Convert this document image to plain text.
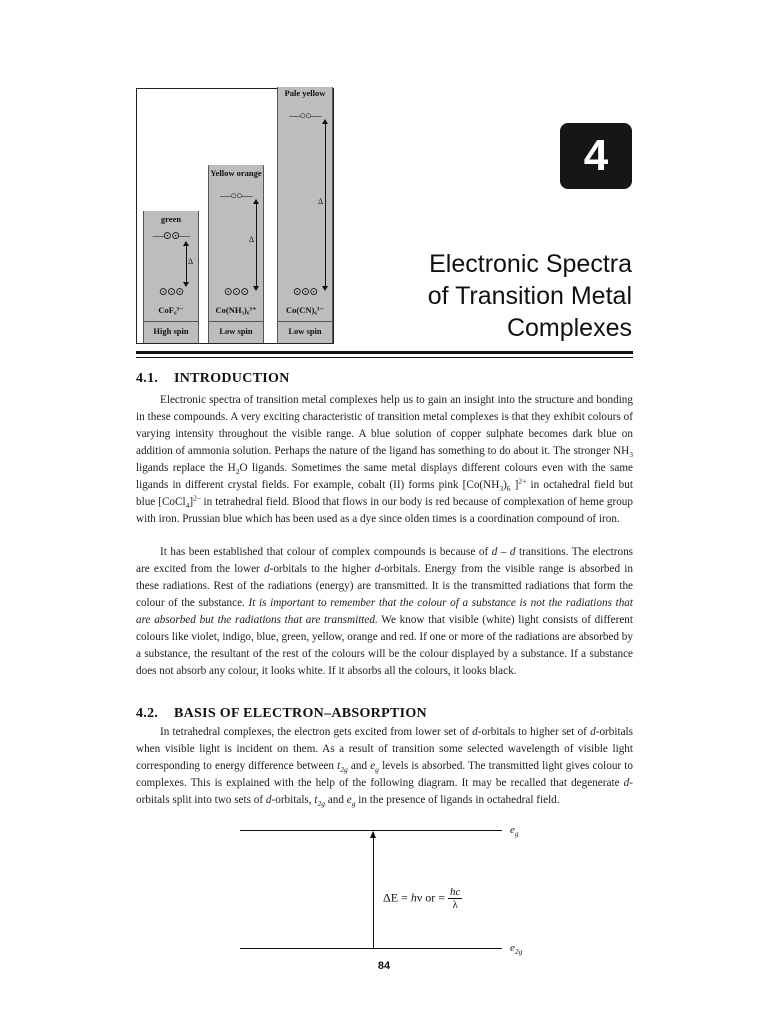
green
—⊙⊙—
Δ
⊙⊙⊙
CoF₆³⁻
High spin
Yellow orange
—○○—
Δ
⊙⊙⊙
Co(NH₃)₆³⁺
Low spin
Pale yellow
—○○—
Δ
⊙⊙⊙
Co(CN)₆³⁻
Low spin
4
Electronic Spectra
of Transition Metal
Complexes
4.1. INTRODUCTION

Electronic spectra of transition metal complexes help us to gain an insight into the structure and bonding in these compounds. A very exciting characteristic of transition metal complexes is that they exhibit colours of varying intensity throughout the visible range. A blue solution of copper sulphate becomes dark blue on addition of ammonia solution. Perhaps the nature of the ligand has something to do about it. The stronger $NH_3$ ligands replace the $H_2O$ ligands. Sometimes the same metal displays different colours even with the same ligands in different crystal fields. For example, cobalt (II) forms pink [$Co(NH_3)_6$ ]$^{2+}$ in octahedral field but blue [CoCl$_4$]$^{2-}$ in tetrahedral field. Blood that flows in our body is red because of complexation of heme group with iron. Prussian blue which has been used as a dye since olden times is a coordination compound of iron.

It has been established that colour of complex compounds is because of d – d transitions. The electrons are excited from the lower d-orbitals to the higher d-orbitals. Energy from the visible range is absorbed in these radiations. Rest of the radiations (energy) are transmitted. It is the transmitted radiations that form the colour of the substance. It is important to remember that the colour of a substance is not the radiations that are absorbed but the radiations that are transmitted. We know that visible (white) light consists of different colours like violet, indigo, blue, green, yellow, orange and red. If one or more of the radiations are absorbed by a substance, the resultant of the rest of the colours will be the colour displayed by a substance. If a substance does not absorb any colour, it looks white. If it absorbs all the colours, it looks black.

4.2. BASIS OF ELECTRON–ABSORPTION

In tetrahedral complexes, the electron gets excited from lower set of d-orbitals to higher set of d-orbitals when visible light is incident on them. As a result of transition some selected wavelength of visible light corresponding to energy difference between $t_{2g}$ and $e_g$ levels is absorbed. The transmitted light gives colour to complexes. This is explained with the help of the following diagram. It may be recalled that degenerate d-orbitals split into two sets of d-orbitals, $t_{2g}$ and $e_g$ in the presence of ligands in octahedral field.

$e_g$
$e_{2g}$
ΔE = hν or = $\frac{hc}{\lambda}$
84
